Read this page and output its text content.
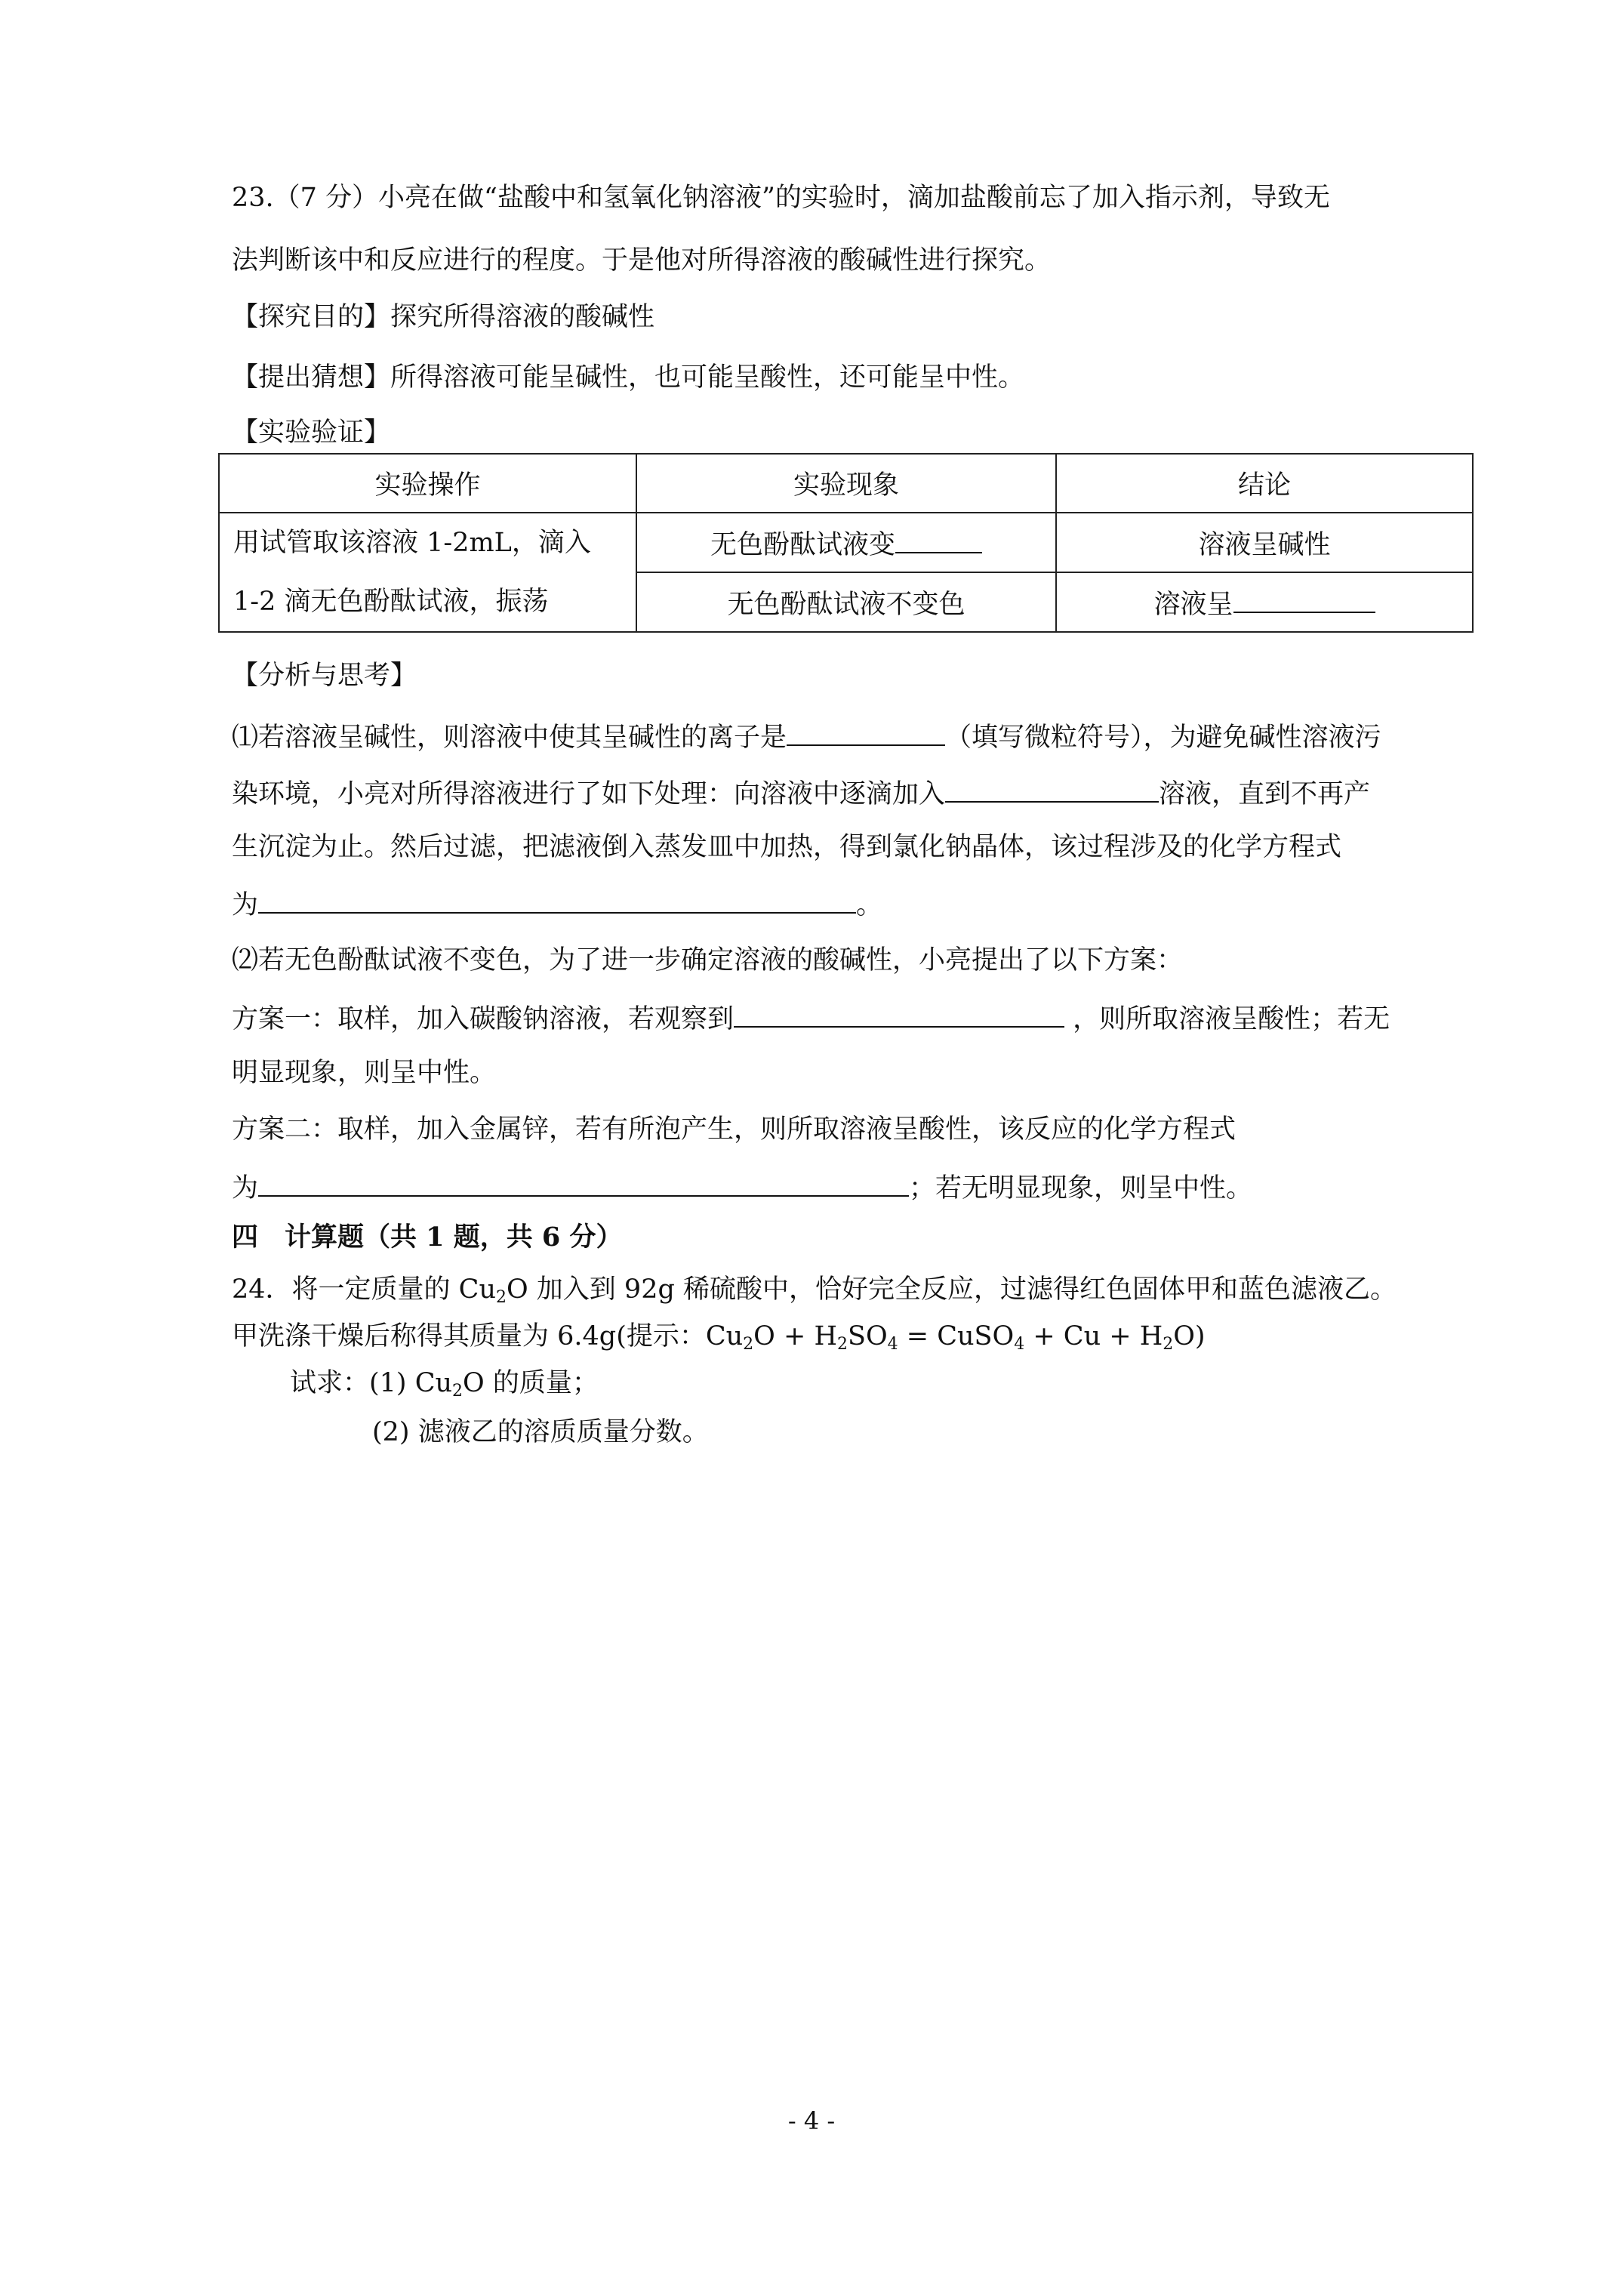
23.（7 分）小亮在做“盐酸中和氢氧化钠溶液”的实验时，滴加盐酸前忘了加入指示剂，导致无
法判断该中和反应进行的程度。于是他对所得溶液的酸碱性进行探究。
【探究目的】探究所得溶液的酸碱性
【提出猜想】所得溶液可能呈碱性，也可能呈酸性，还可能呈中性。
【实验验证】
实验操作	实验现象	结论

用试管取该溶液 1-2mL，滴入
1-2 滴无色酚酞试液，振荡	无色酚酞试液变	溶液呈碱性
	无色酚酞试液不变色	溶液呈
【分析与思考】
⑴若溶液呈碱性，则溶液中使其呈碱性的离子是	（填写微粒符号），为避免碱性溶液污
染环境，小亮对所得溶液进行了如下处理：向溶液中逐滴加入	溶液，直到不再产
生沉淀为止。然后过滤，把滤液倒入蒸发皿中加热，得到氯化钠晶体，该过程涉及的化学方程式
为	。
⑵若无色酚酞试液不变色，为了进一步确定溶液的酸碱性，小亮提出了以下方案：
方案一：取样，加入碳酸钠溶液，若观察到	，则所取溶液呈酸性；若无
明显现象，则呈中性。
方案二：取样，加入金属锌，若有所泡产生，则所取溶液呈酸性，该反应的化学方程式
为	；若无明显现象，则呈中性。
四　计算题（共 1 题，共 6 分）
24．将一定质量的 $Cu_2O$ 加入到 92g 稀硫酸中，恰好完全反应，过滤得红色固体甲和蓝色滤液乙。
甲洗涤干燥后称得其质量为 6.4g(提示：$Cu_2O + H_2SO_4$ = CuSO$_4$ + $Cu + H_2O$)
试求：(1) $Cu_2O$ 的质量；
(2) 滤液乙的溶质质量分数。
- 4 -
